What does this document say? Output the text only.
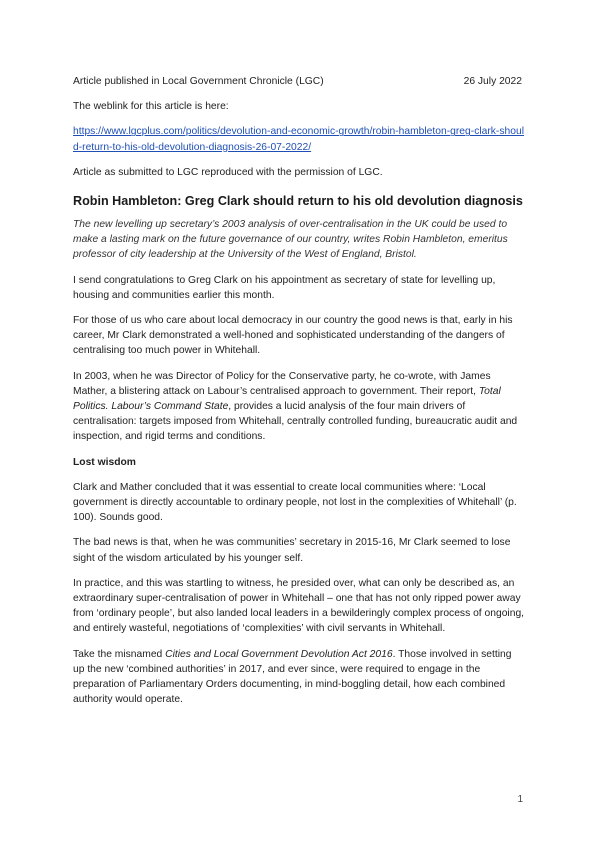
Article published in Local Government Chronicle (LGC)	26 July 2022

The weblink for this article is here:

https://www.lgcplus.com/politics/devolution-and-economic-growth/robin-hambleton-greg-clark-should-return-to-his-old-devolution-diagnosis-26-07-2022/

Article as submitted to LGC reproduced with the permission of LGC.

Robin Hambleton: Greg Clark should return to his old devolution diagnosis

The new levelling up secretary’s 2003 analysis of over-centralisation in the UK could be used to make a lasting mark on the future governance of our country, writes Robin Hambleton, emeritus professor of city leadership at the University of the West of England, Bristol.

I send congratulations to Greg Clark on his appointment as secretary of state for levelling up, housing and communities earlier this month.

For those of us who care about local democracy in our country the good news is that, early in his career, Mr Clark demonstrated a well-honed and sophisticated understanding of the dangers of centralising too much power in Whitehall.

In 2003, when he was Director of Policy for the Conservative party, he co-wrote, with James Mather, a blistering attack on Labour’s centralised approach to government. Their report, Total Politics. Labour’s Command State, provides a lucid analysis of the four main drivers of centralisation: targets imposed from Whitehall, centrally controlled funding, bureaucratic audit and inspection, and rigid terms and conditions.

Lost wisdom

Clark and Mather concluded that it was essential to create local communities where: ‘Local government is directly accountable to ordinary people, not lost in the complexities of Whitehall’ (p. 100). Sounds good.

The bad news is that, when he was communities’ secretary in 2015-16, Mr Clark seemed to lose sight of the wisdom articulated by his younger self.

In practice, and this was startling to witness, he presided over, what can only be described as, an extraordinary super-centralisation of power in Whitehall – one that has not only ripped power away from ‘ordinary people’, but also landed local leaders in a bewilderingly complex process of ongoing, and entirely wasteful, negotiations of ‘complexities’ with civil servants in Whitehall.

Take the misnamed Cities and Local Government Devolution Act 2016. Those involved in setting up the new ‘combined authorities’ in 2017, and ever since, were required to engage in the preparation of Parliamentary Orders documenting, in mind-boggling detail, how each combined authority would operate.

1
